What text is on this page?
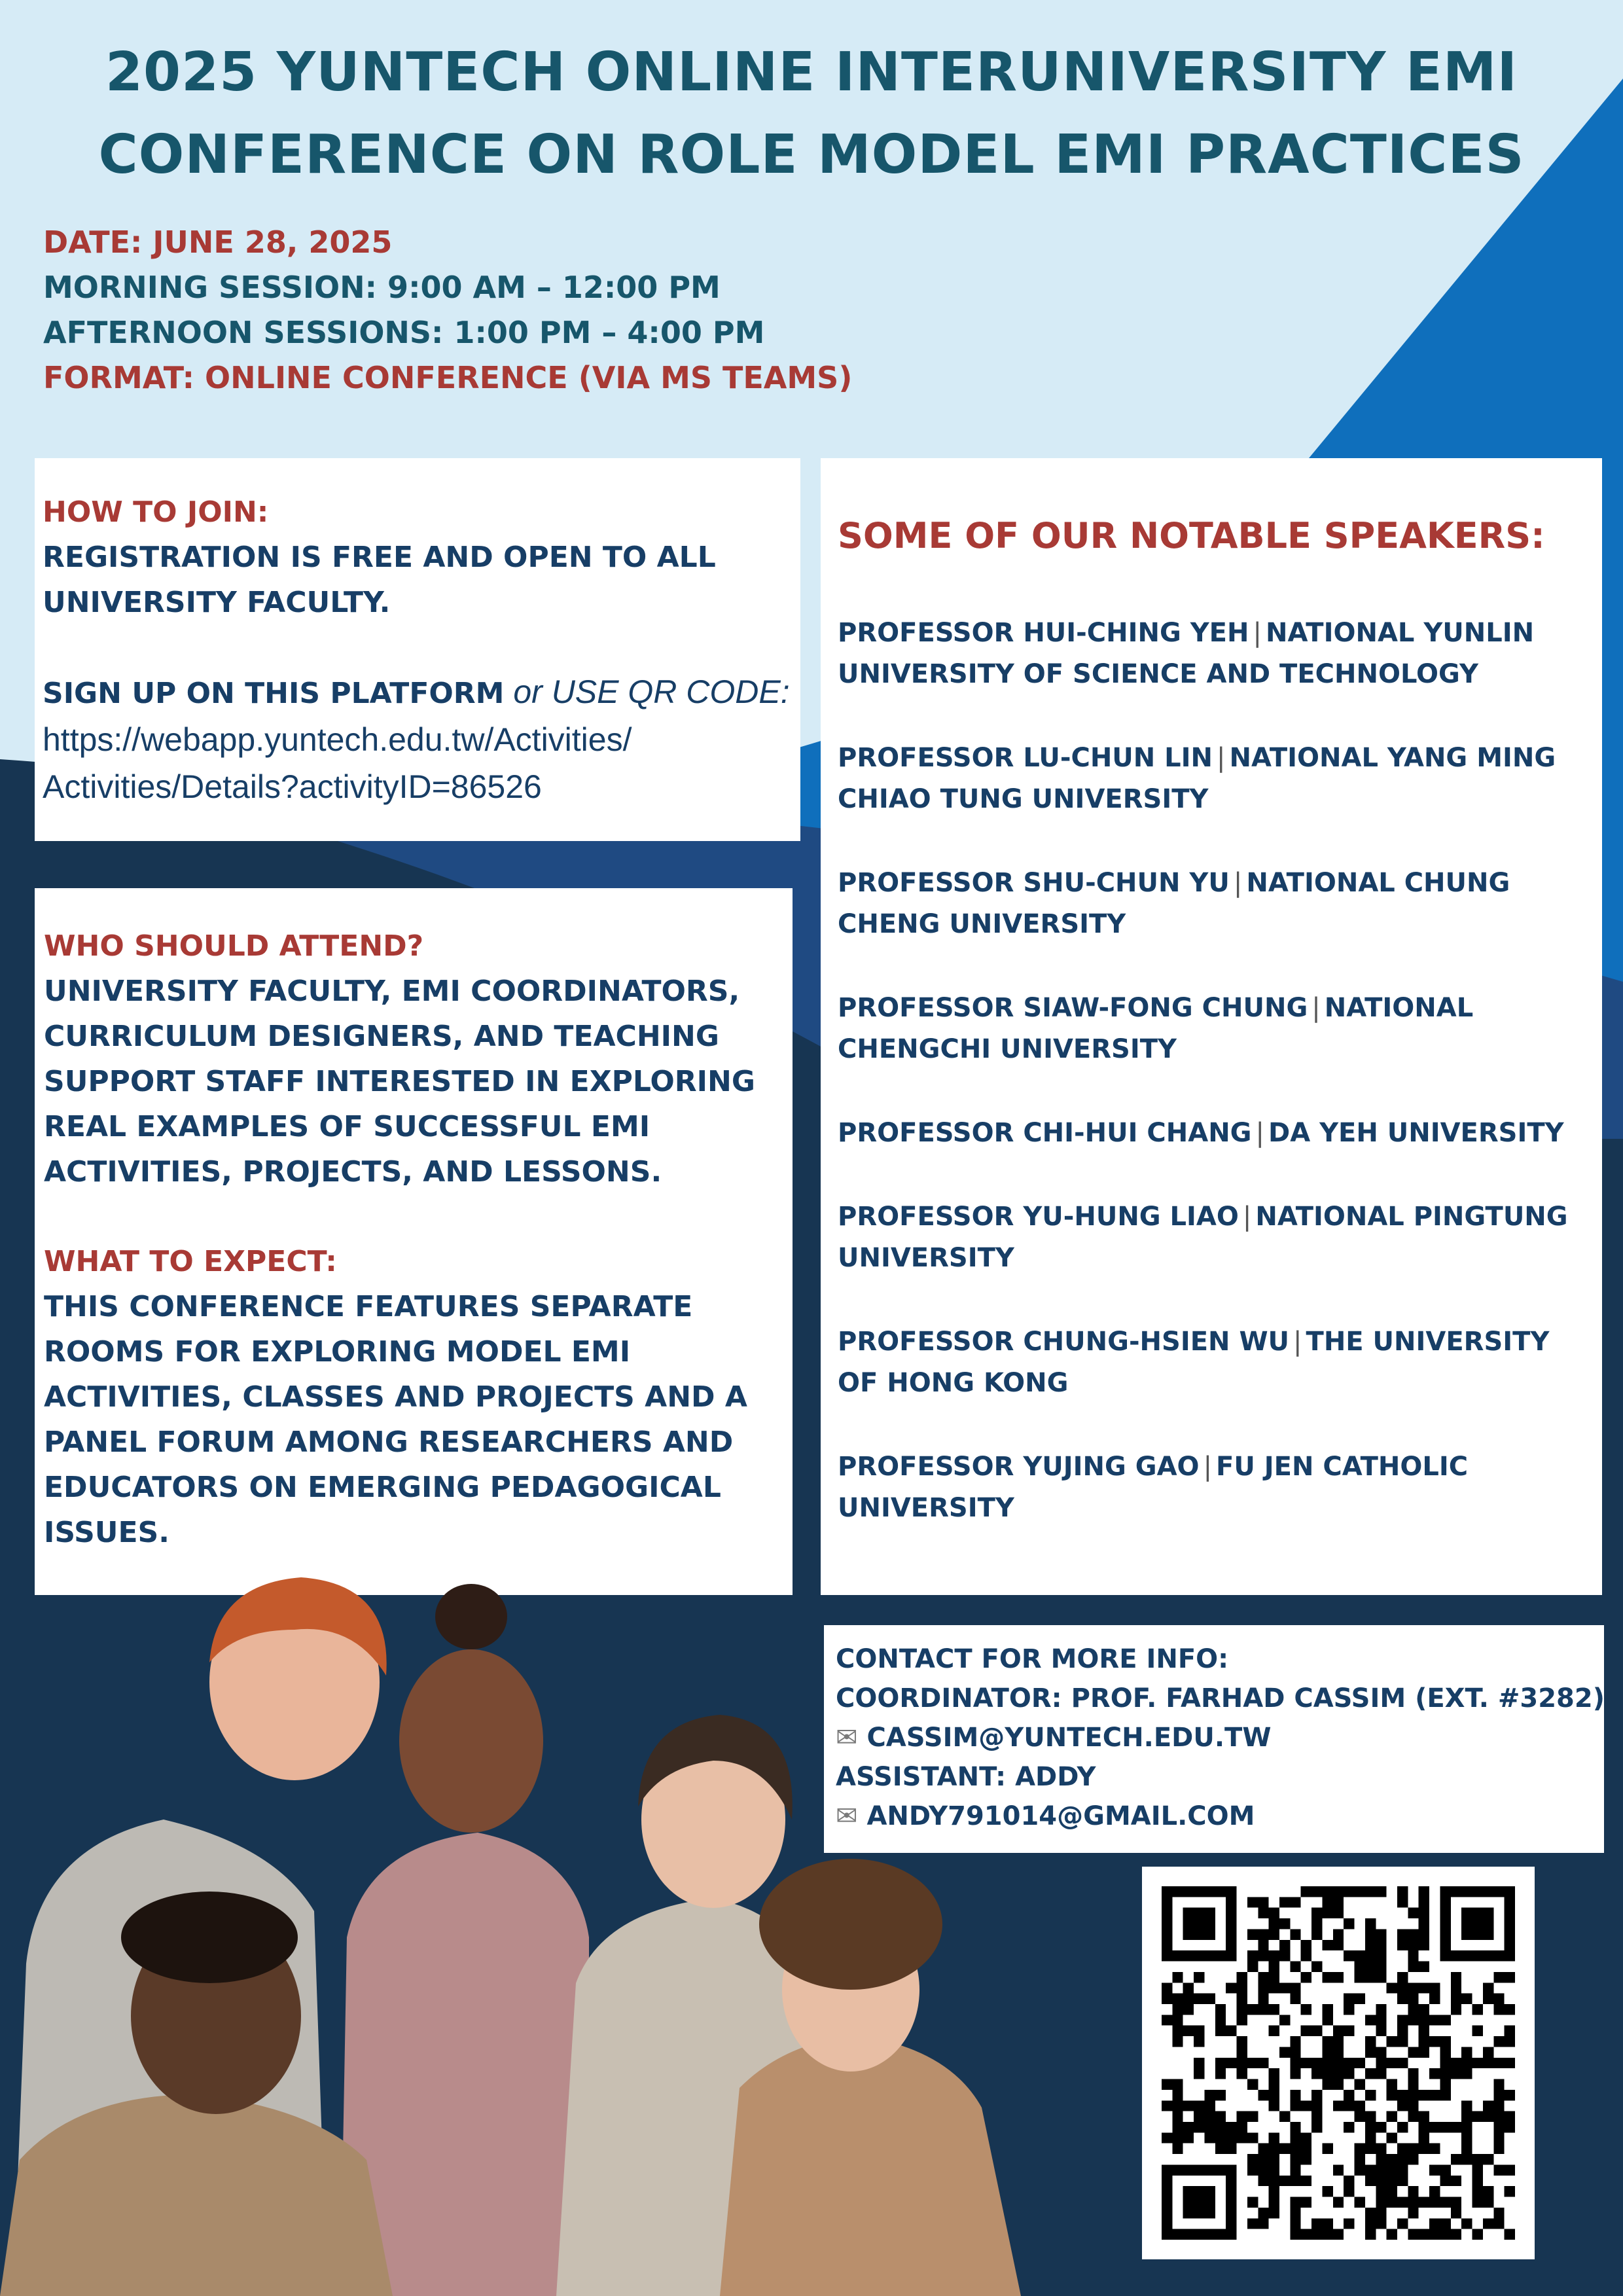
2025 YUNTECH ONLINE INTERUNIVERSITY EMI
CONFERENCE ON ROLE MODEL EMI PRACTICES
DATE: JUNE 28, 2025
MORNING SESSION: 9:00 AM – 12:00 PM
AFTERNOON SESSIONS: 1:00 PM – 4:00 PM
FORMAT: ONLINE CONFERENCE (VIA MS TEAMS)
HOW TO JOIN:
REGISTRATION IS FREE AND OPEN TO ALL
UNIVERSITY FACULTY.
SIGN UP ON THIS PLATFORM or USE QR CODE:
https://webapp.yuntech.edu.tw/Activities/
Activities/Details?activityID=86526
WHO SHOULD ATTEND?
UNIVERSITY FACULTY, EMI COORDINATORS,
CURRICULUM DESIGNERS, AND TEACHING
SUPPORT STAFF INTERESTED IN EXPLORING
REAL EXAMPLES OF SUCCESSFUL EMI
ACTIVITIES, PROJECTS, AND LESSONS.
WHAT TO EXPECT:
THIS CONFERENCE FEATURES SEPARATE
ROOMS FOR EXPLORING MODEL EMI
ACTIVITIES, CLASSES AND PROJECTS AND A
PANEL FORUM AMONG RESEARCHERS AND
EDUCATORS ON EMERGING PEDAGOGICAL
ISSUES.
SOME OF OUR NOTABLE SPEAKERS:
PROFESSOR HUI-CHING YEH | NATIONAL YUNLIN
UNIVERSITY OF SCIENCE AND TECHNOLOGY
PROFESSOR LU-CHUN LIN | NATIONAL YANG MING
CHIAO TUNG UNIVERSITY
PROFESSOR SHU-CHUN YU | NATIONAL CHUNG
CHENG UNIVERSITY
PROFESSOR SIAW-FONG CHUNG | NATIONAL
CHENGCHI UNIVERSITY
PROFESSOR CHI-HUI CHANG | DA YEH UNIVERSITY
PROFESSOR YU-HUNG LIAO | NATIONAL PINGTUNG
UNIVERSITY
PROFESSOR CHUNG-HSIEN WU | THE UNIVERSITY
OF HONG KONG
PROFESSOR YUJING GAO | FU JEN CATHOLIC
UNIVERSITY
CONTACT FOR MORE INFO:
COORDINATOR: PROF. FARHAD CASSIM (EXT. #3282)
✉ CASSIM@YUNTECH.EDU.TW
ASSISTANT: ADDY
✉ ANDY791014@GMAIL.COM
